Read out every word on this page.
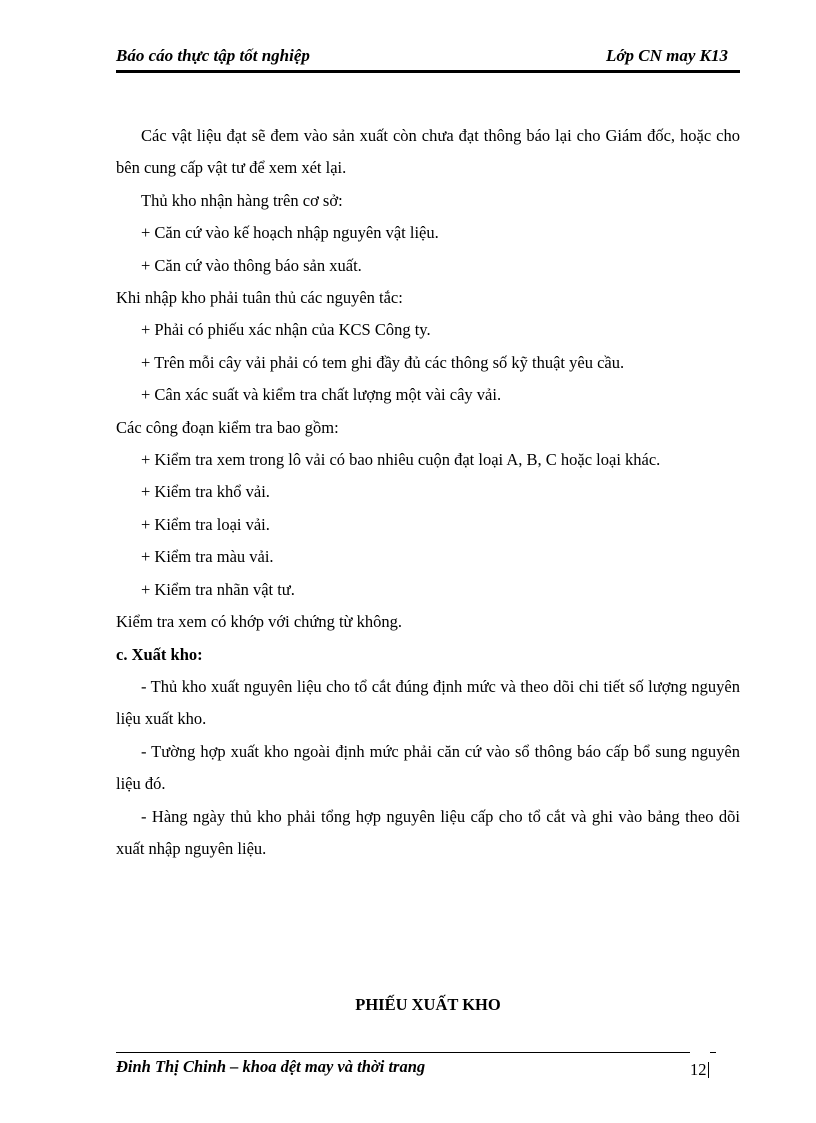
Báo cáo thực tập tốt nghiệp	Lớp CN may K13

Các vật liệu đạt sẽ đem vào sản xuất còn chưa đạt thông báo lại cho Giám đốc, hoặc cho bên cung cấp vật tư để xem xét lại.

Thủ kho nhận hàng trên cơ sở:

+ Căn cứ vào kế hoạch nhập nguyên vật liệu.

+ Căn cứ vào thông báo sản xuất.

Khi nhập kho phải tuân thủ các nguyên tắc:

+ Phải có phiếu xác nhận của KCS Công ty.

+ Trên mỗi cây vải phải có tem ghi đầy đủ các thông số kỹ thuật yêu cầu.

+ Cân xác suất và kiểm tra chất lượng một vài cây vải.

Các công đoạn kiểm tra bao gồm:

+ Kiểm tra xem trong lô vải có bao nhiêu cuộn đạt loại A, B, C hoặc loại khác.

+ Kiểm tra khổ vải.

+ Kiểm tra loại vải.

+ Kiểm tra màu vải.

+ Kiểm tra nhãn vật tư.

Kiểm tra xem có khớp với chứng từ không.

c. Xuất kho:

- Thủ kho xuất nguyên liệu cho tổ cắt đúng định mức và theo dõi chi tiết số lượng nguyên liệu xuất kho.

- Tường hợp xuất kho ngoài định mức phải căn cứ vào sổ thông báo cấp bổ sung nguyên liệu đó.

- Hàng ngày thủ kho phải tổng hợp nguyên liệu cấp cho tổ cắt và ghi vào bảng theo dõi xuất nhập nguyên liệu.

PHIẾU XUẤT KHO
Đinh Thị Chinh – khoa dệt may và thời trang	12
